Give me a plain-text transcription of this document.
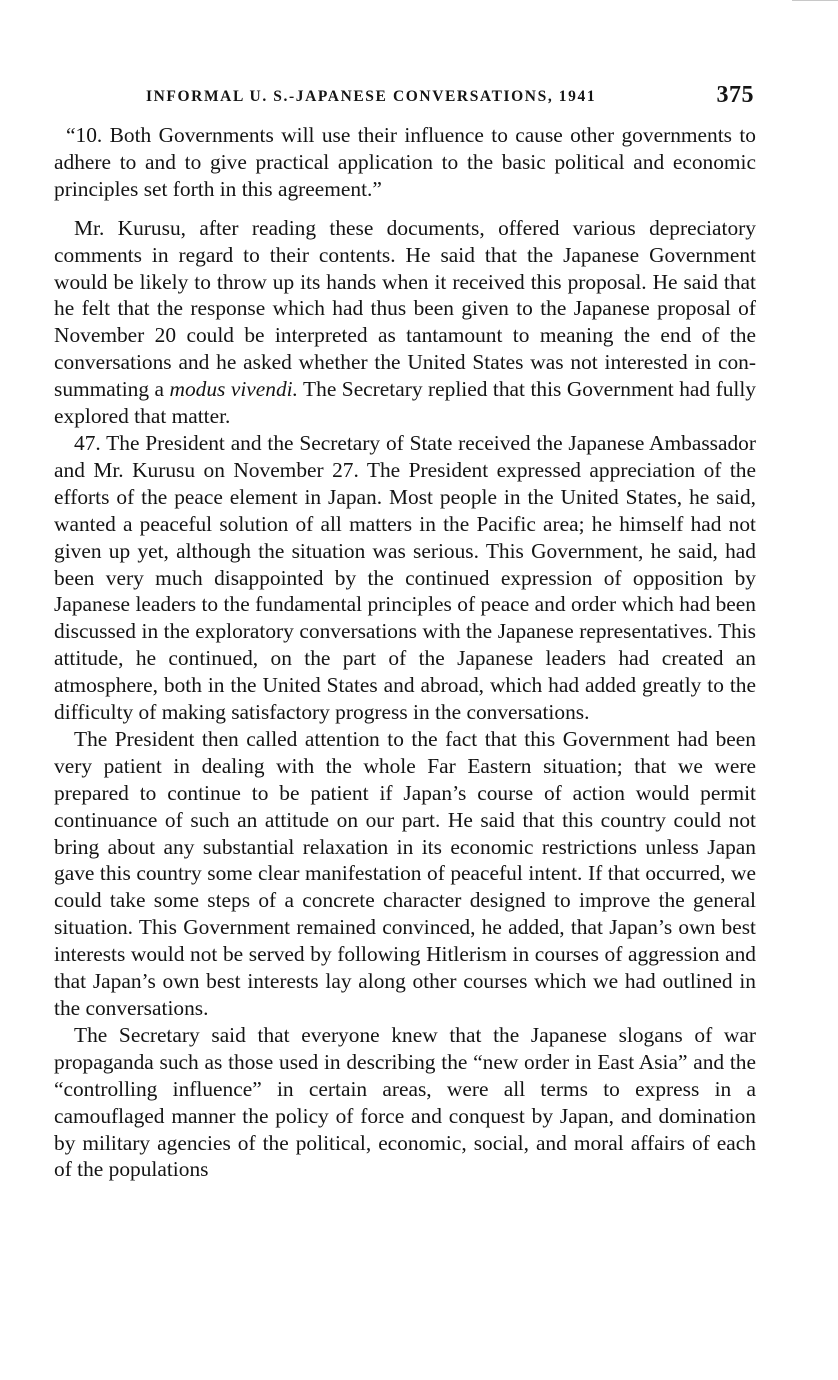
INFORMAL U. S.-JAPANESE CONVERSATIONS, 1941	375

“10. Both Governments will use their influence to cause other governments to adhere to and to give practical application to the basic political and economic principles set forth in this agreement.”

Mr. Kurusu, after reading these documents, offered various depreciatory comments in regard to their contents. He said that the Japanese Government would be likely to throw up its hands when it received this proposal. He said that he felt that the response which had thus been given to the Japanese proposal of November 20 could be interpreted as tantamount to meaning the end of the conversations and he asked whether the United States was not interested in consummating a modus vivendi. The Secretary replied that this Government had fully explored that matter.

47. The President and the Secretary of State received the Japanese Ambassador and Mr. Kurusu on November 27. The President expressed appreciation of the efforts of the peace element in Japan. Most people in the United States, he said, wanted a peaceful solution of all matters in the Pacific area; he himself had not given up yet, although the situation was serious. This Government, he said, had been very much disappointed by the continued expression of opposition by Japanese leaders to the fundamental principles of peace and order which had been discussed in the exploratory conversations with the Japanese representatives. This attitude, he continued, on the part of the Japanese leaders had created an atmosphere, both in the United States and abroad, which had added greatly to the difficulty of making satisfactory progress in the conversations.

The President then called attention to the fact that this Government had been very patient in dealing with the whole Far Eastern situation; that we were prepared to continue to be patient if Japan’s course of action would permit continuance of such an attitude on our part. He said that this country could not bring about any substantial relaxation in its economic restrictions unless Japan gave this country some clear manifestation of peaceful intent. If that occurred, we could take some steps of a concrete character designed to improve the general situation. This Government remained convinced, he added, that Japan’s own best interests would not be served by following Hitlerism in courses of aggression and that Japan’s own best interests lay along other courses which we had outlined in the conversations.

The Secretary said that everyone knew that the Japanese slogans of war propaganda such as those used in describing the “new order in East Asia” and the “controlling influence” in certain areas, were all terms to express in a camouflaged manner the policy of force and conquest by Japan, and domination by military agencies of the political, economic, social, and moral affairs of each of the populations
